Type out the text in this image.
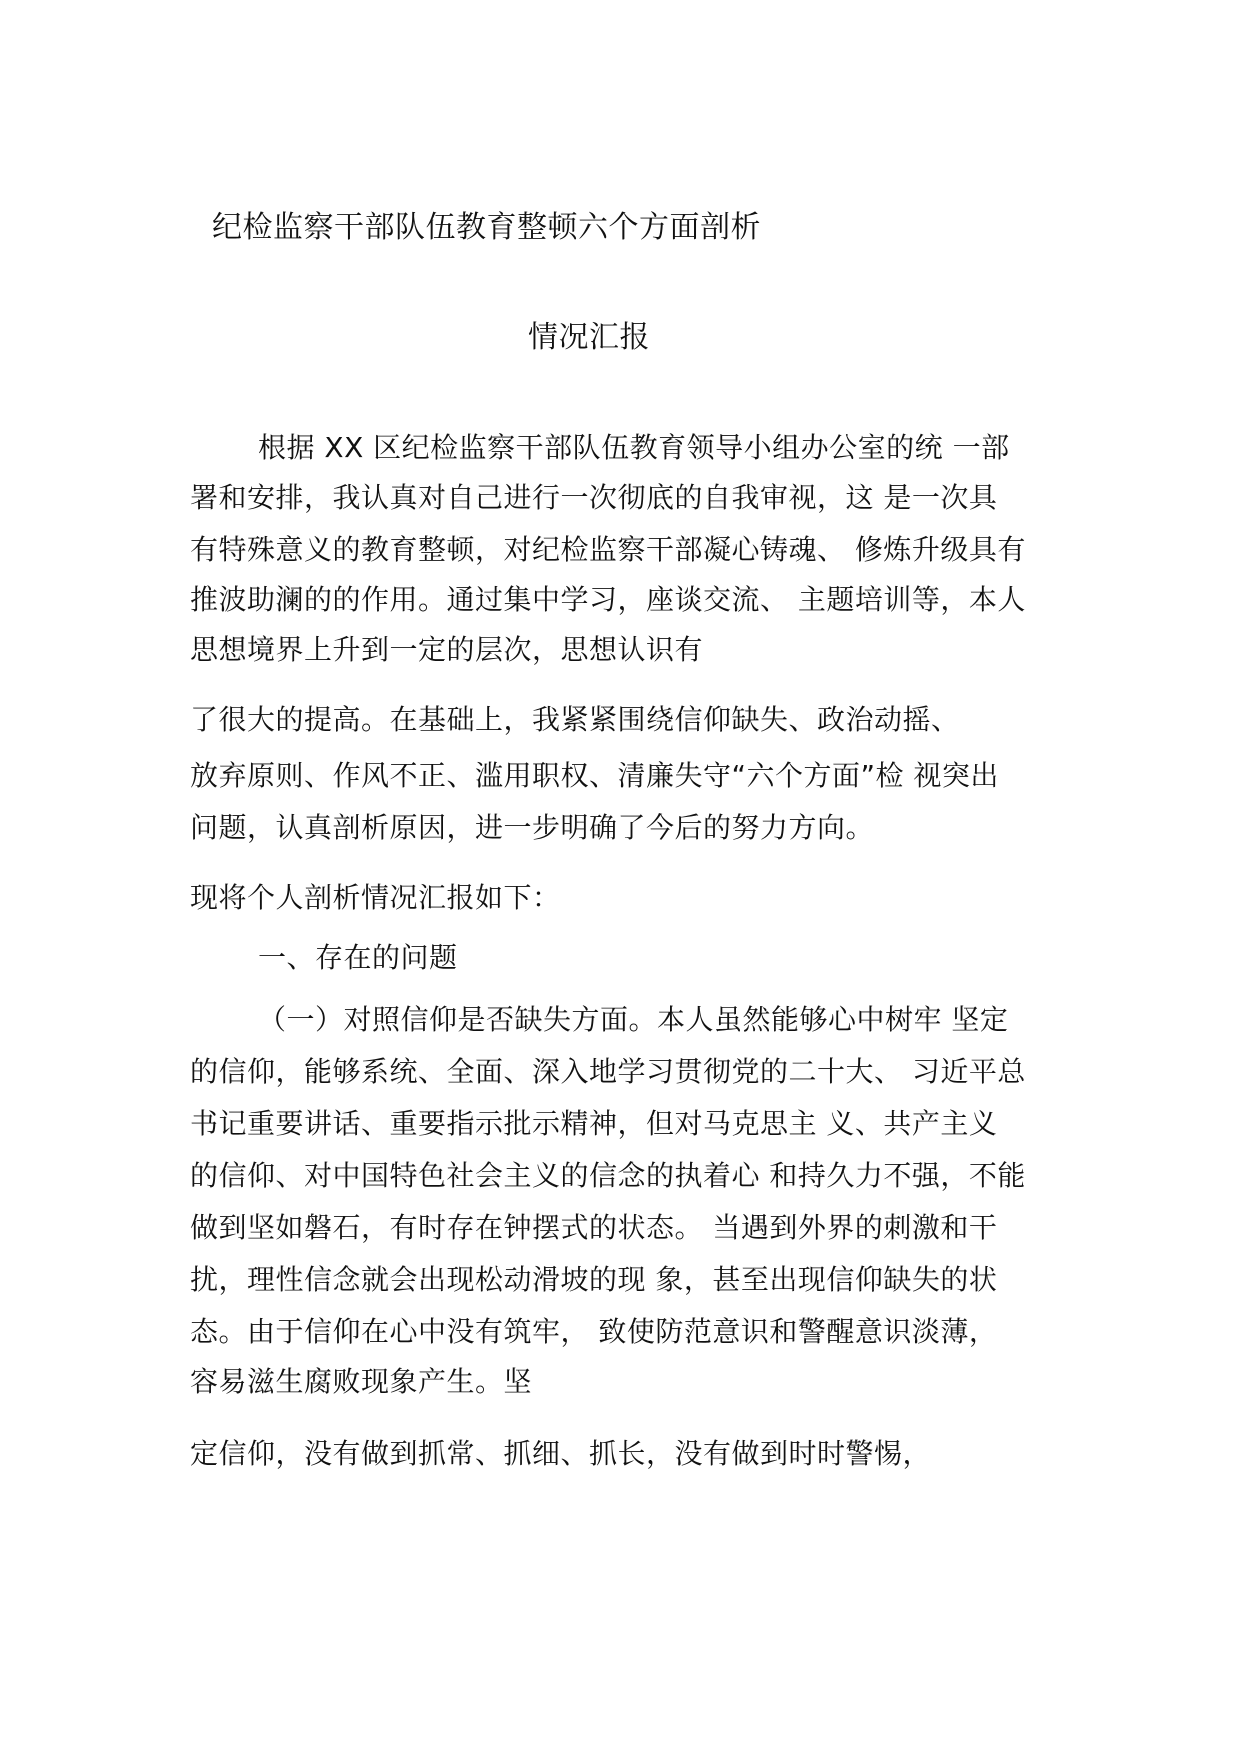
纪检监察干部队伍教育整顿六个方面剖析
情况汇报
根据 XX 区纪检监察干部队伍教育领导小组办公室的统 一部
署和安排，我认真对自己进行一次彻底的自我审视，这 是一次具
有特殊意义的教育整顿，对纪检监察干部凝心铸魂、 修炼升级具有
推波助澜的的作用。通过集中学习，座谈交流、 主题培训等，本人
思想境界上升到一定的层次，思想认识有
了很大的提高。在基础上，我紧紧围绕信仰缺失、政治动摇、
放弃原则、作风不正、滥用职权、清廉失守“六个方面”检 视突出
问题，认真剖析原因，进一步明确了今后的努力方向。
现将个人剖析情况汇报如下：
一、存在的问题
（一）对照信仰是否缺失方面。本人虽然能够心中树牢 坚定
的信仰，能够系统、全面、深入地学习贯彻党的二十大、 习近平总
书记重要讲话、重要指示批示精神，但对马克思主 义、共产主义
的信仰、对中国特色社会主义的信念的执着心 和持久力不强，不能
做到坚如磐石，有时存在钟摆式的状态。 当遇到外界的刺激和干
扰，理性信念就会出现松动滑坡的现 象，甚至出现信仰缺失的状
态。由于信仰在心中没有筑牢， 致使防范意识和警醒意识淡薄，
容易滋生腐败现象产生。坚
定信仰，没有做到抓常、抓细、抓长，没有做到时时警惕，
